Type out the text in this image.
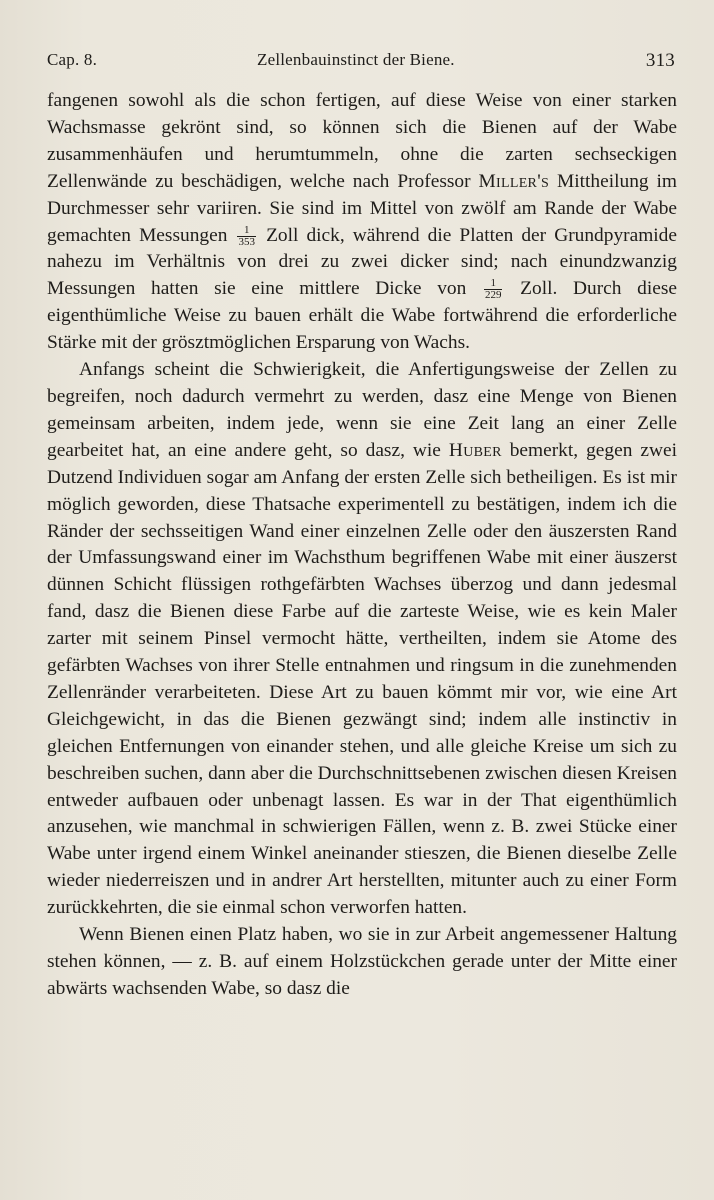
Cap. 8.	Zellenbauinstinct der Biene.	313

fangenen sowohl als die schon fertigen, auf diese Weise von einer starken Wachsmasse gekrönt sind, so können sich die Bienen auf der Wabe zusammenhäufen und herumtummeln, ohne die zarten sechseckigen Zellenwände zu beschädigen, welche nach Professor Miller's Mittheilung im Durchmesser sehr variiren. Sie sind im Mittel von zwölf am Rande der Wabe gemachten Messungen $\frac{1}{353}$ Zoll dick, während die Platten der Grundpyramide nahezu im Verhältnis von drei zu zwei dicker sind; nach einundzwanzig Messungen hatten sie eine mittlere Dicke von $\frac{1}{229}$ Zoll. Durch diese eigenthümliche Weise zu bauen erhält die Wabe fortwährend die erforderliche Stärke mit der grösztmöglichen Ersparung von Wachs.

Anfangs scheint die Schwierigkeit, die Anfertigungsweise der Zellen zu begreifen, noch dadurch vermehrt zu werden, dasz eine Menge von Bienen gemeinsam arbeiten, indem jede, wenn sie eine Zeit lang an einer Zelle gearbeitet hat, an eine andere geht, so dasz, wie Huber bemerkt, gegen zwei Dutzend Individuen sogar am Anfang der ersten Zelle sich betheiligen. Es ist mir möglich geworden, diese Thatsache experimentell zu bestätigen, indem ich die Ränder der sechsseitigen Wand einer einzelnen Zelle oder den äuszersten Rand der Umfassungswand einer im Wachsthum begriffenen Wabe mit einer äuszerst dünnen Schicht flüssigen rothgefärbten Wachses überzog und dann jedesmal fand, dasz die Bienen diese Farbe auf die zarteste Weise, wie es kein Maler zarter mit seinem Pinsel vermocht hätte, vertheilten, indem sie Atome des gefärbten Wachses von ihrer Stelle entnahmen und ringsum in die zunehmenden Zellenränder verarbeiteten. Diese Art zu bauen kömmt mir vor, wie eine Art Gleichgewicht, in das die Bienen gezwängt sind; indem alle instinctiv in gleichen Entfernungen von einander stehen, und alle gleiche Kreise um sich zu beschreiben suchen, dann aber die Durchschnittsebenen zwischen diesen Kreisen entweder aufbauen oder unbenagt lassen. Es war in der That eigenthümlich anzusehen, wie manchmal in schwierigen Fällen, wenn z. B. zwei Stücke einer Wabe unter irgend einem Winkel aneinander stieszen, die Bienen dieselbe Zelle wieder niederreiszen und in andrer Art herstellten, mitunter auch zu einer Form zurückkehrten, die sie einmal schon verworfen hatten.

Wenn Bienen einen Platz haben, wo sie in zur Arbeit angemessener Haltung stehen können, — z. B. auf einem Holzstückchen gerade unter der Mitte einer abwärts wachsenden Wabe, so dasz die
